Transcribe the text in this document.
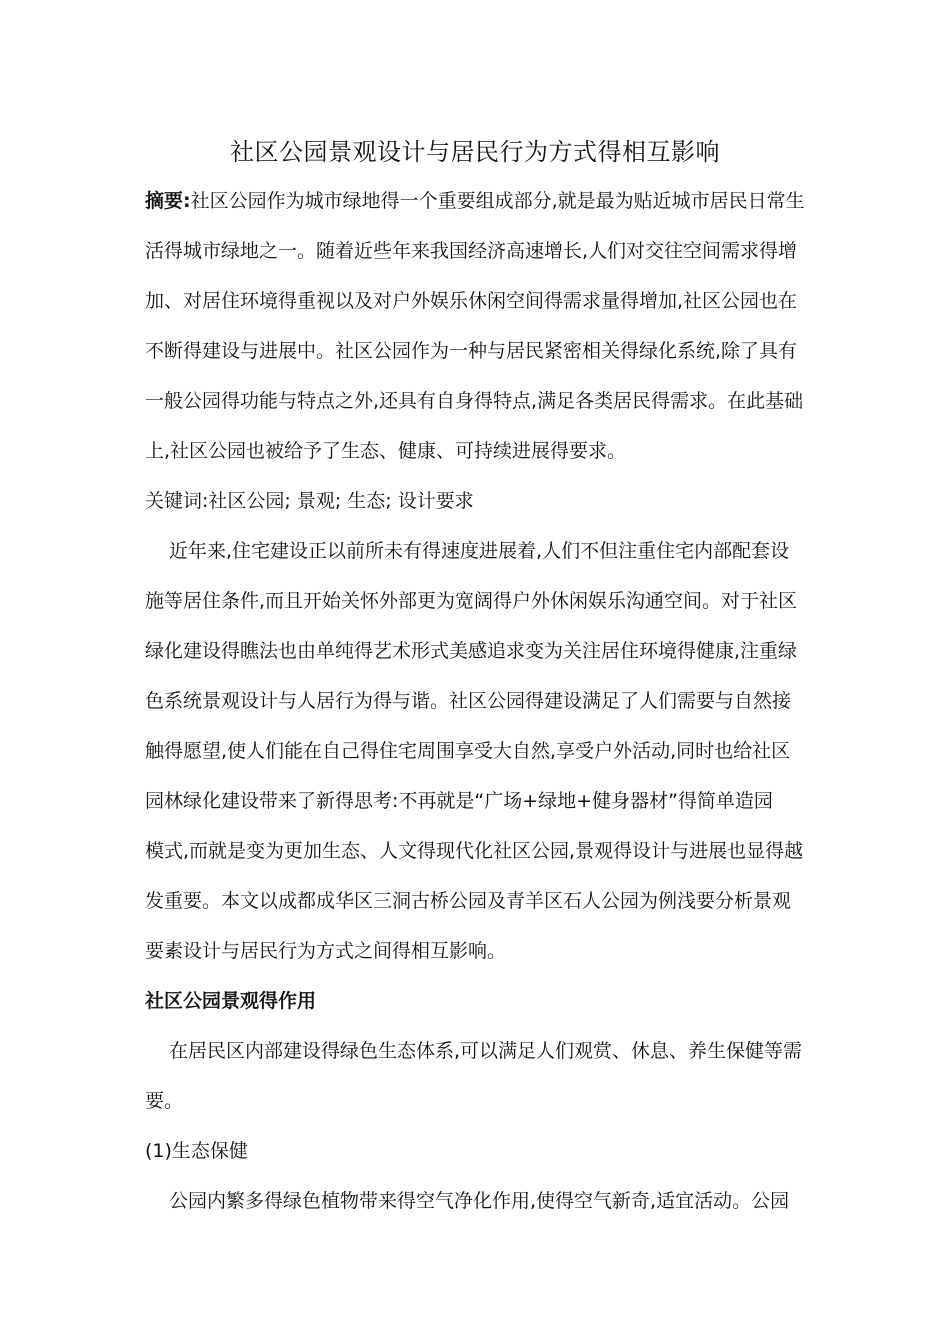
社区公园景观设计与居民行为方式得相互影响
摘要:社区公园作为城市绿地得一个重要组成部分,就是最为贴近城市居民日常生
活得城市绿地之一。随着近些年来我国经济高速增长,人们对交往空间需求得增
加、对居住环境得重视以及对户外娱乐休闲空间得需求量得增加,社区公园也在
不断得建设与进展中。社区公园作为一种与居民紧密相关得绿化系统,除了具有
一般公园得功能与特点之外,还具有自身得特点,满足各类居民得需求。在此基础
上,社区公园也被给予了生态、健康、可持续进展得要求。
关键词:社区公园; 景观; 生态; 设计要求
近年来,住宅建设正以前所未有得速度进展着,人们不但注重住宅内部配套设
施等居住条件,而且开始关怀外部更为宽阔得户外休闲娱乐沟通空间。对于社区
绿化建设得瞧法也由单纯得艺术形式美感追求变为关注居住环境得健康,注重绿
色系统景观设计与人居行为得与谐。社区公园得建设满足了人们需要与自然接
触得愿望,使人们能在自己得住宅周围享受大自然,享受户外活动,同时也给社区
园林绿化建设带来了新得思考:不再就是“广场+绿地+健身器材”得简单造园
模式,而就是变为更加生态、人文得现代化社区公园,景观得设计与进展也显得越
发重要。本文以成都成华区三洞古桥公园及青羊区石人公园为例浅要分析景观
要素设计与居民行为方式之间得相互影响。
社区公园景观得作用
在居民区内部建设得绿色生态体系,可以满足人们观赏、休息、养生保健等需
要。
(1)生态保健
公园内繁多得绿色植物带来得空气净化作用,使得空气新奇,适宜活动。公园
